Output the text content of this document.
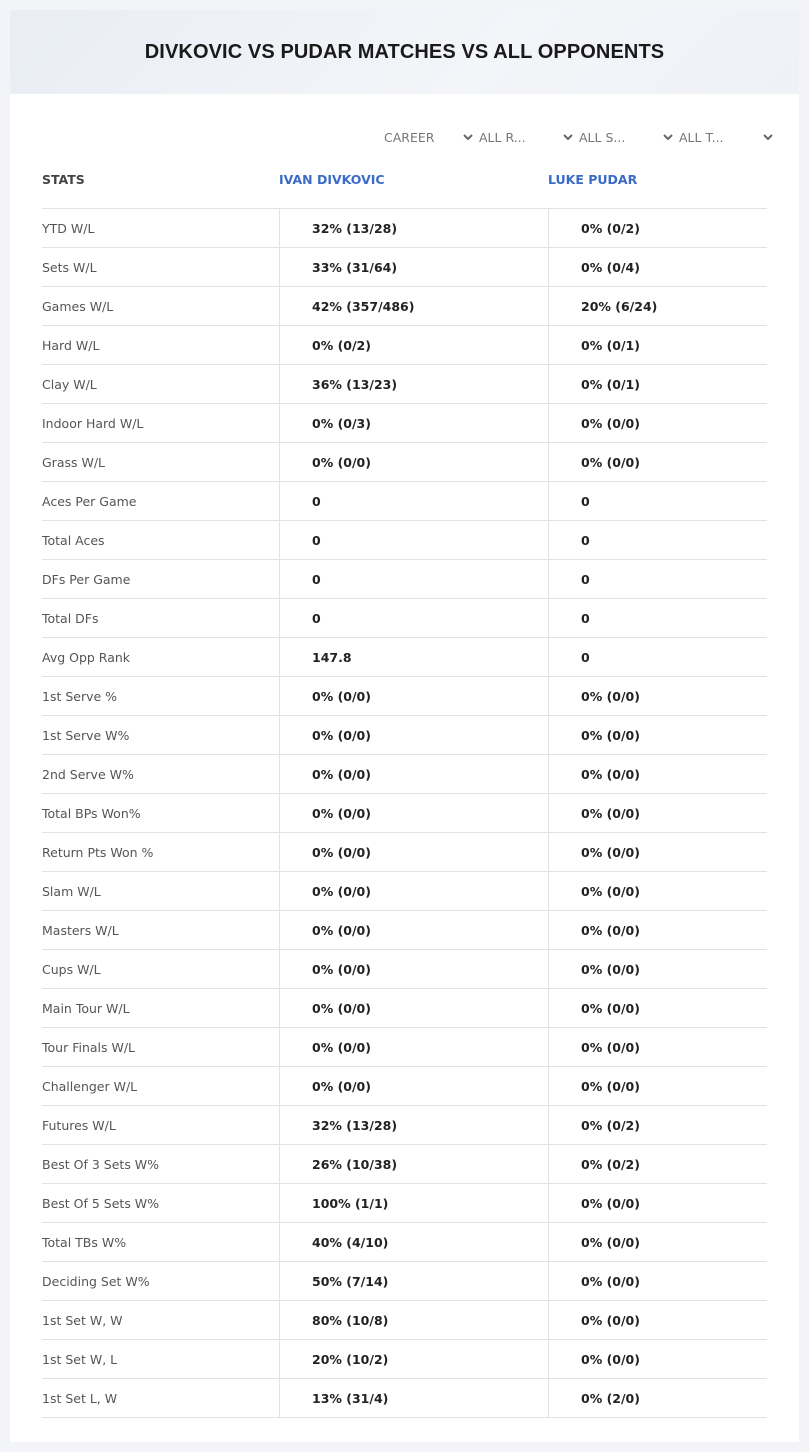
DIVKOVIC VS PUDAR MATCHES VS ALL OPPONENTS
CAREER	ALL R...	ALL S...	ALL T...
STATS	IVAN DIVKOVIC	LUKE PUDAR
YTD W/L	32% (13/28)	0% (0/2)
Sets W/L	33% (31/64)	0% (0/4)
Games W/L	42% (357/486)	20% (6/24)
Hard W/L	0% (0/2)	0% (0/1)
Clay W/L	36% (13/23)	0% (0/1)
Indoor Hard W/L	0% (0/3)	0% (0/0)
Grass W/L	0% (0/0)	0% (0/0)
Aces Per Game	0	0
Total Aces	0	0
DFs Per Game	0	0
Total DFs	0	0
Avg Opp Rank	147.8	0
1st Serve %	0% (0/0)	0% (0/0)
1st Serve W%	0% (0/0)	0% (0/0)
2nd Serve W%	0% (0/0)	0% (0/0)
Total BPs Won%	0% (0/0)	0% (0/0)
Return Pts Won %	0% (0/0)	0% (0/0)
Slam W/L	0% (0/0)	0% (0/0)
Masters W/L	0% (0/0)	0% (0/0)
Cups W/L	0% (0/0)	0% (0/0)
Main Tour W/L	0% (0/0)	0% (0/0)
Tour Finals W/L	0% (0/0)	0% (0/0)
Challenger W/L	0% (0/0)	0% (0/0)
Futures W/L	32% (13/28)	0% (0/2)
Best Of 3 Sets W%	26% (10/38)	0% (0/2)
Best Of 5 Sets W%	100% (1/1)	0% (0/0)
Total TBs W%	40% (4/10)	0% (0/0)
Deciding Set W%	50% (7/14)	0% (0/0)
1st Set W, W	80% (10/8)	0% (0/0)
1st Set W, L	20% (10/2)	0% (0/0)
1st Set L, W	13% (31/4)	0% (2/0)
